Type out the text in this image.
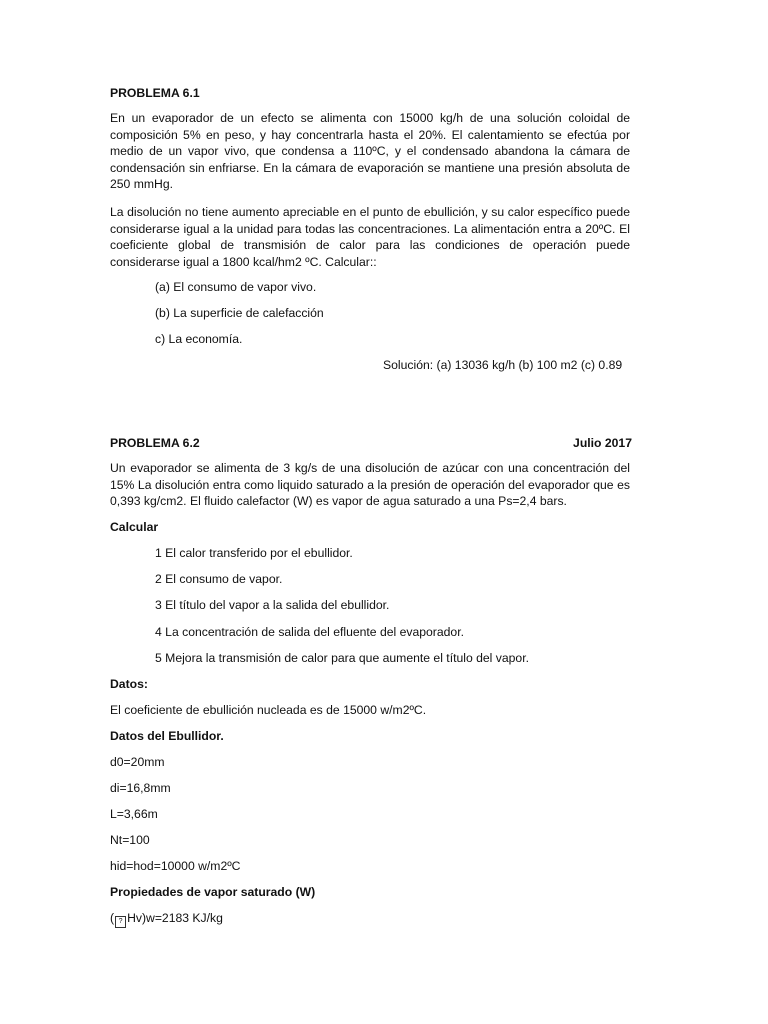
PROBLEMA 6.1

En un evaporador de un efecto se alimenta con 15000 kg/h de una solución coloidal de composición 5% en peso, y hay concentrarla hasta el 20%. El calentamiento se efectúa por medio de un vapor vivo, que condensa a 110ºC, y el condensado abandona la cámara de condensación sin enfriarse. En la cámara de evaporación se mantiene una presión absoluta de 250 mmHg.

La disolución no tiene aumento apreciable en el punto de ebullición, y su calor específico puede considerarse igual a la unidad para todas las concentraciones. La alimentación entra a 20ºC. El coeficiente global de transmisión de calor para las condiciones de operación puede considerarse igual a 1800 kcal/hm2 ºC. Calcular::

(a) El consumo de vapor vivo.

(b) La superficie de calefacción

c) La economía.

Solución: (a) 13036 kg/h (b) 100 m2 (c) 0.89

PROBLEMA 6.2	Julio 2017

Un evaporador se alimenta de 3 kg/s de una disolución de azúcar con una concentración del 15% La disolución entra como liquido saturado a la presión de operación del evaporador que es 0,393 kg/cm2. El fluido calefactor (W) es vapor de agua saturado a una Ps=2,4 bars.

Calcular

1 El calor transferido por el ebullidor.

2 El consumo de vapor.

3 El título del vapor a la salida del ebullidor.

4 La concentración de salida del efluente del evaporador.

5 Mejora la transmisión de calor para que aumente el título del vapor.

Datos:

El coeficiente de ebullición nucleada es de 15000 w/m2ºC.

Datos del Ebullidor.

d0=20mm

di=16,8mm

L=3,66m

Nt=100

hid=hod=10000 w/m2ºC

Propiedades de vapor saturado (W)

( ? Hv)w=2183 KJ/kg
